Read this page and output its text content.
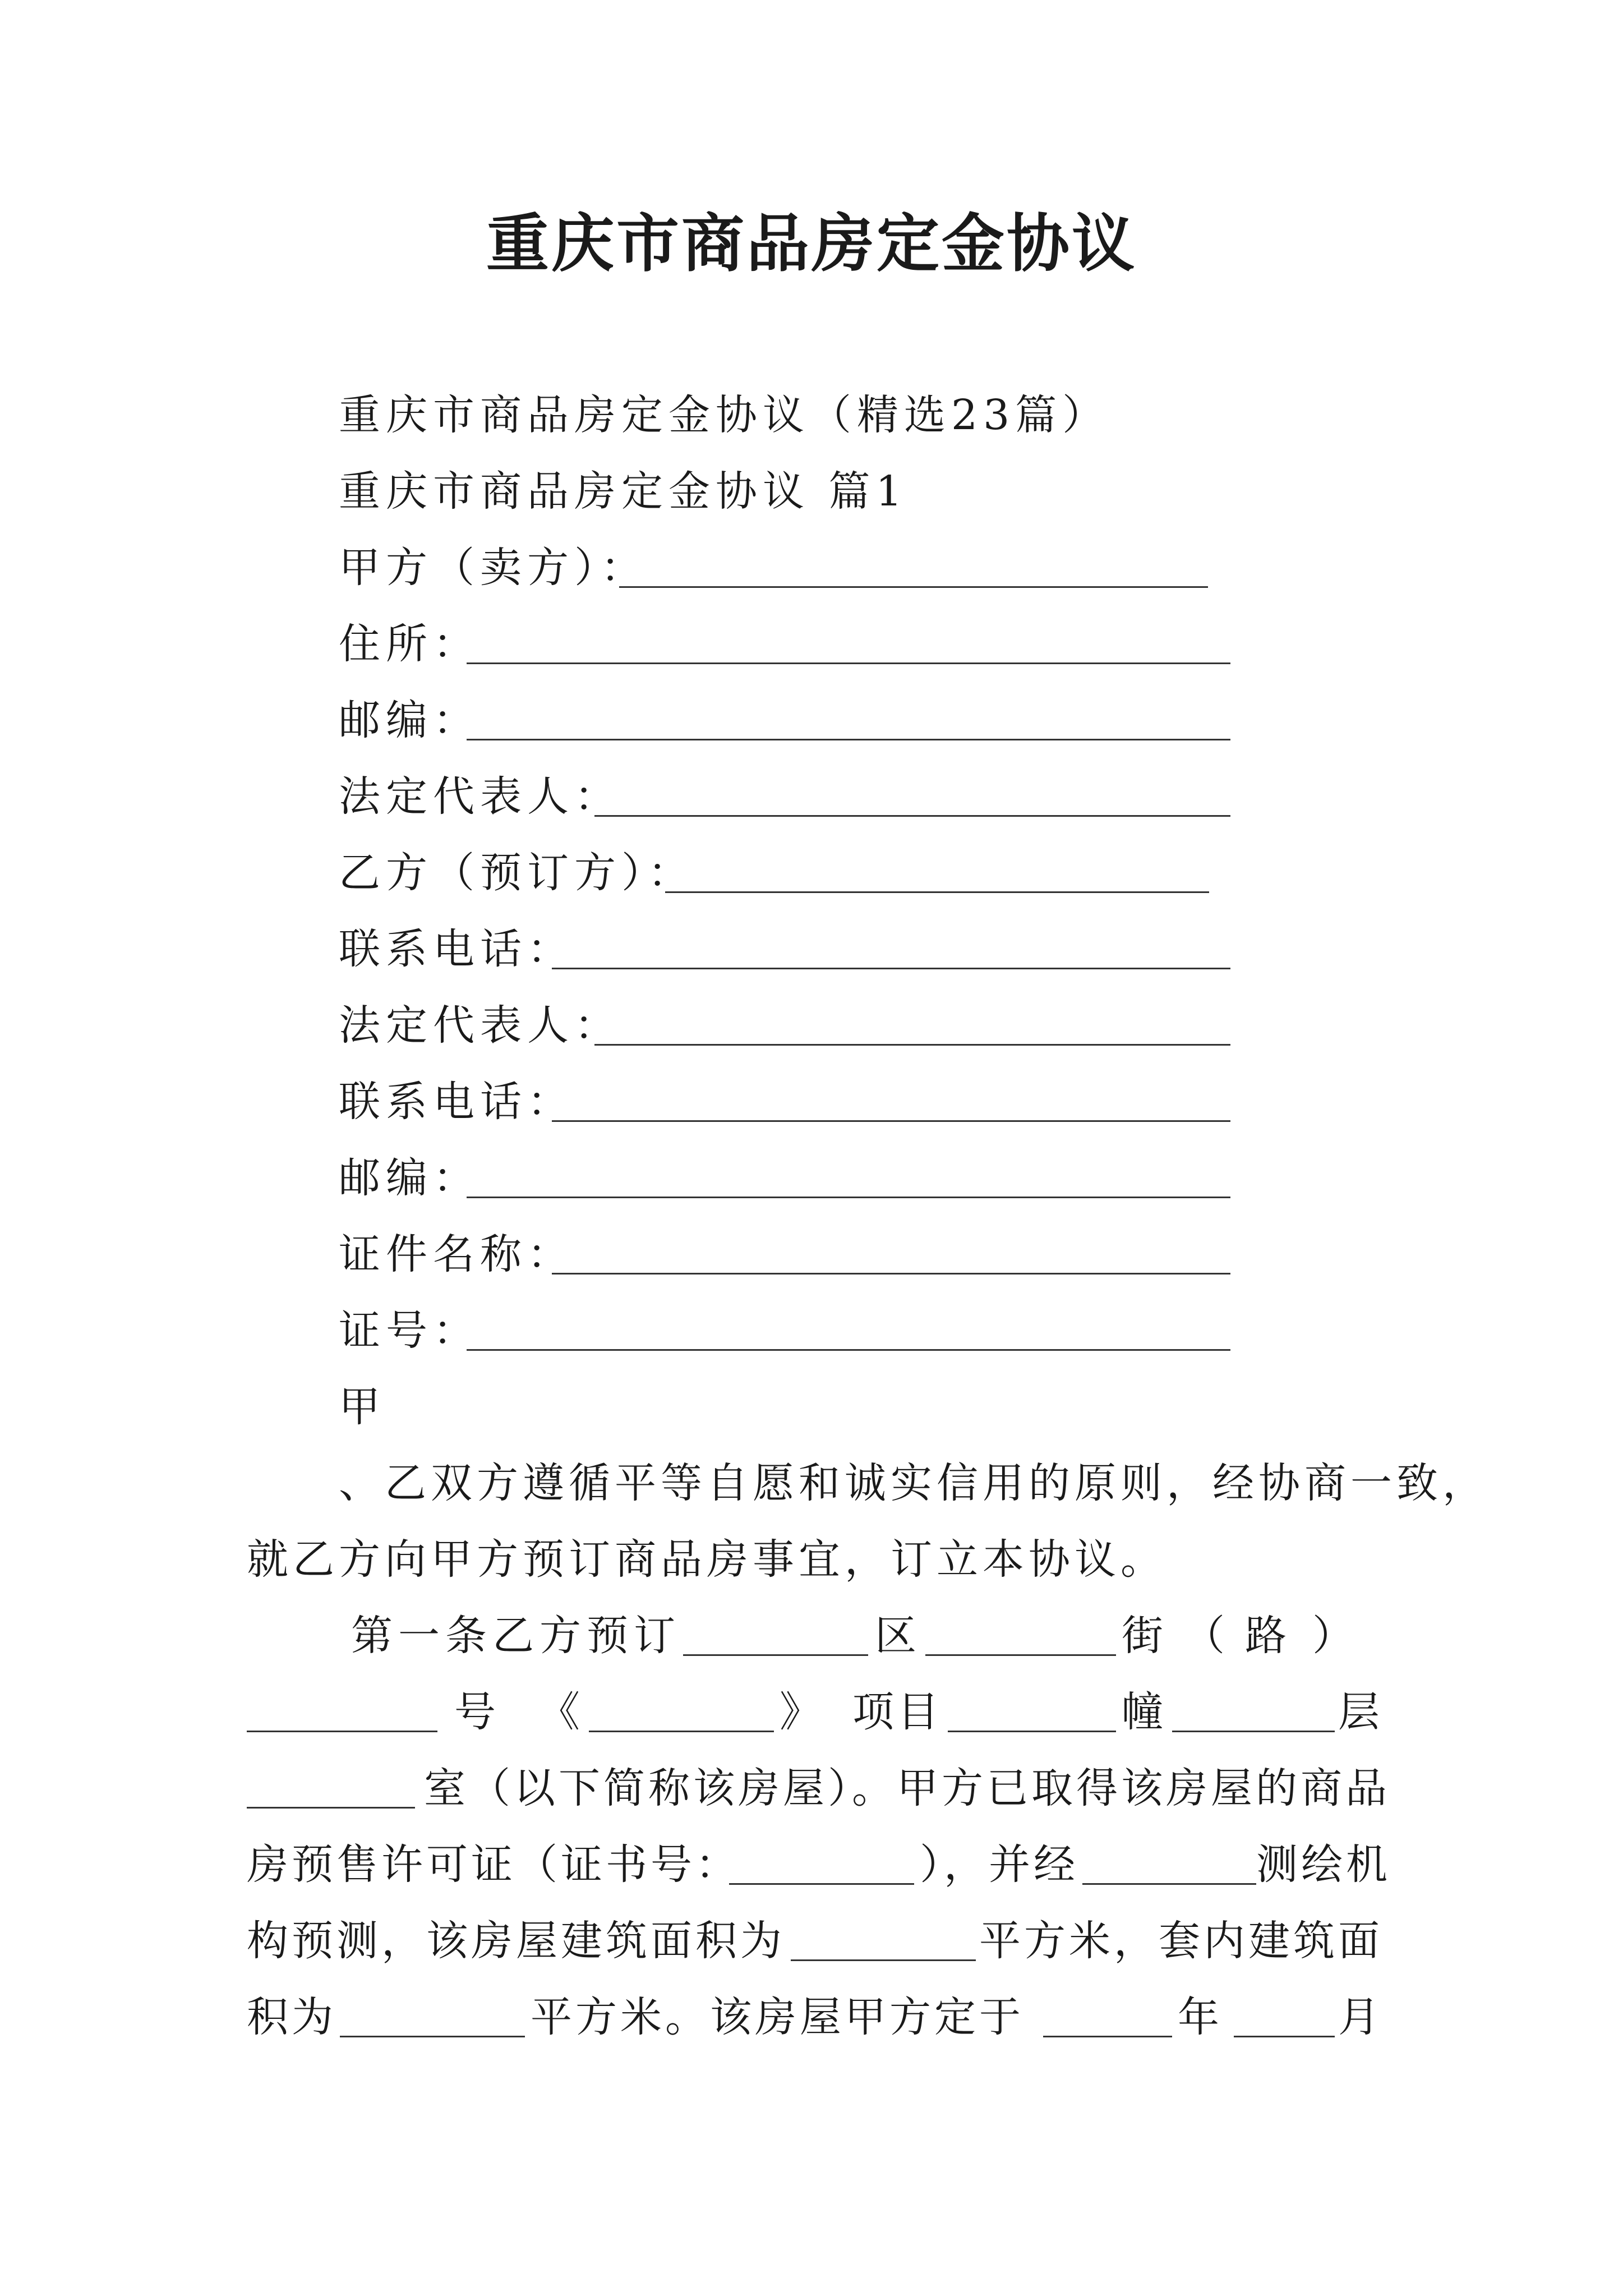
重庆市商品房定金协议
重庆市商品房定金协议（精选23篇）
重庆市商品房定金协议 篇1
甲方（卖方）：
住所：
邮编：
法定代表人：
乙方（预订方）：
联系电话：
法定代表人：
联系电话：
邮编：
证件名称：
证号：
甲
、乙双方遵循平等自愿和诚实信用的原则，经协商一致，
就乙方向甲方预订商品房事宜，订立本协议。
第 一 条 乙 方 预 订	区	街 （ 路 ）
号 《	》 项 目	幢	层
室（以下简称该房屋）。甲方已取得该房屋的商品
房预售许可证（证书号：	），并经	测绘机
构预测，该房屋建筑面积为	平方米，套内建筑面
积为	平方米。该房屋甲方定于	年	月
